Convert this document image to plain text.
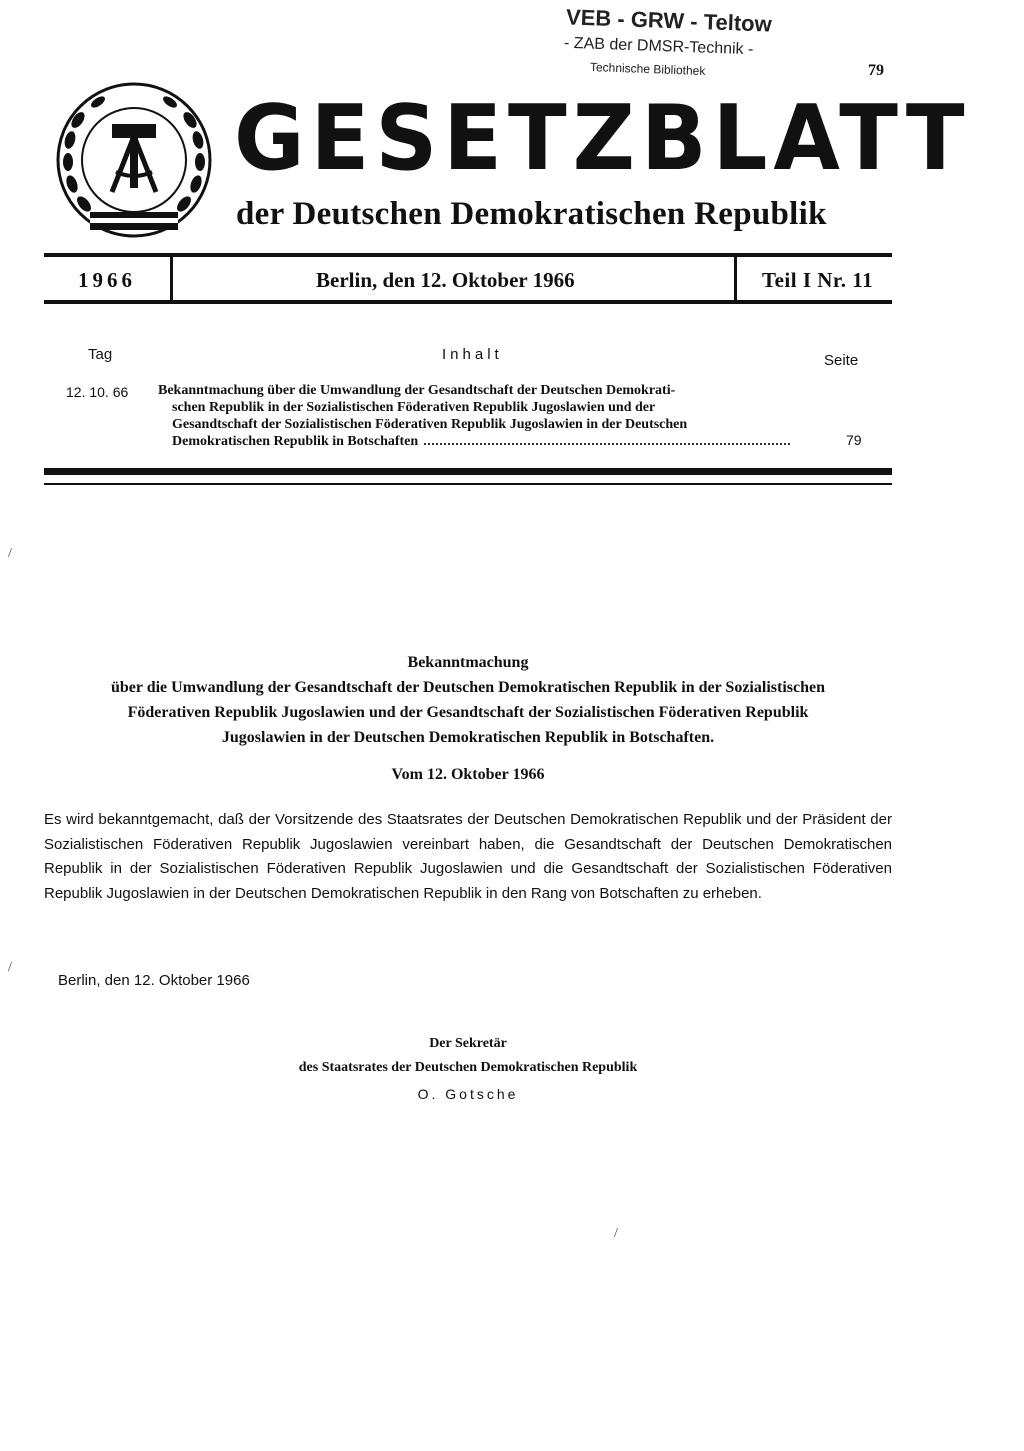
VEB - GRW - Teltow
- ZAB der DMSR-Technik -
Technische Bibliothek	79
GESETZBLATT
der Deutschen Demokratischen Republik
1966	Berlin, den 12. Oktober 1966	Teil I Nr. 11
Tag	Inhalt	Seite
12. 10. 66 Bekanntmachung über die Umwandlung der Gesandtschaft der Deutschen Demokrati-
schen Republik in der Sozialistischen Föderativen Republik Jugoslawien und der
Gesandtschaft der Sozialistischen Föderativen Republik Jugoslawien in der Deutschen
Demokratischen Republik in Botschaften	79
/
/
/
Bekanntmachung
über die Umwandlung der Gesandtschaft der Deutschen Demokratischen Republik in der Sozialistischen
Föderativen Republik Jugoslawien und der Gesandtschaft der Sozialistischen Föderativen Republik
Jugoslawien in der Deutschen Demokratischen Republik in Botschaften.
Vom 12. Oktober 1966
Es wird bekanntgemacht, daß der Vorsitzende des Staatsrates der Deutschen Demokratischen Republik und der Präsident der Sozialistischen Föderativen Republik Jugoslawien vereinbart haben, die Gesandtschaft der Deutschen Demokratischen Republik in der Sozialistischen Föderativen Republik Jugoslawien und die Gesandtschaft der Sozialistischen Föderativen Republik Jugoslawien in der Deutschen Demokratischen Republik in den Rang von Botschaften zu erheben.
Berlin, den 12. Oktober 1966
Der Sekretär
des Staatsrates der Deutschen Demokratischen Republik
O. Gotsche
